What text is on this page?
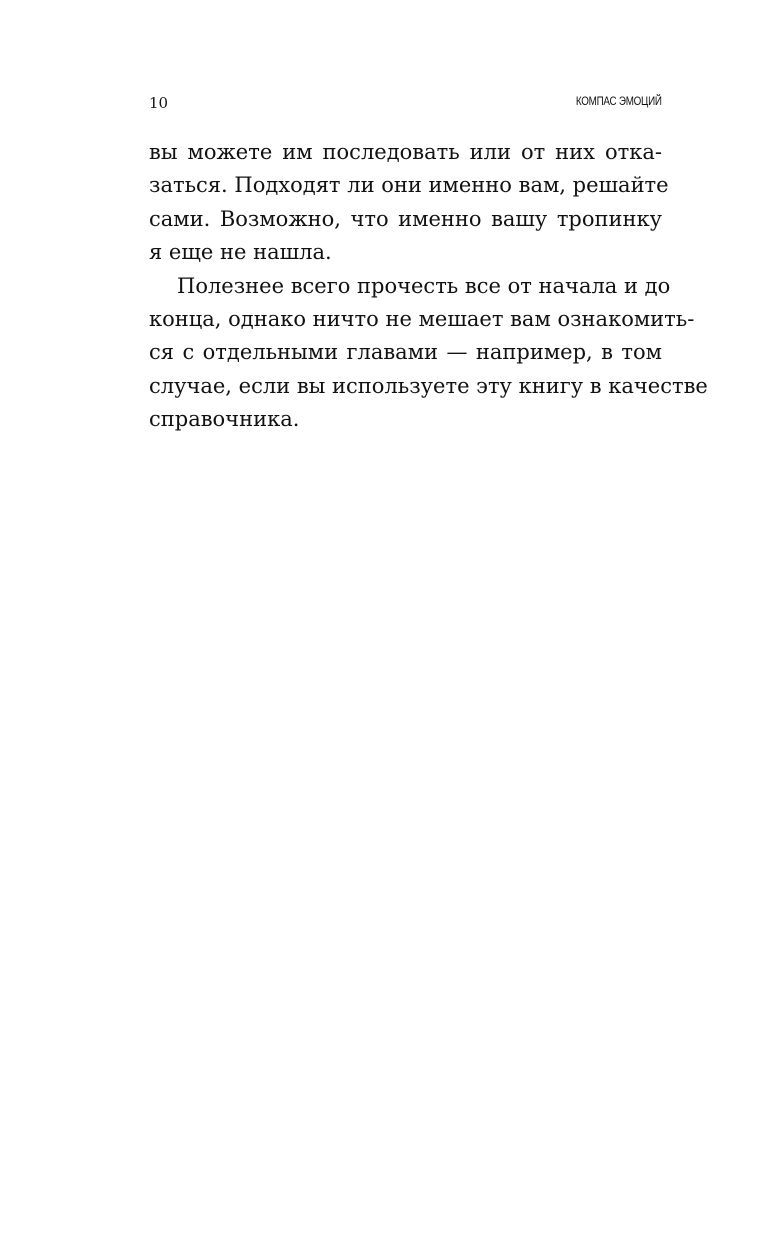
10	КОМПАС ЭМОЦИЙ
вы можете им последовать или от них отка-
заться. Подходят ли они именно вам, решайте
сами. Возможно, что именно вашу тропинку
я еще не нашла.
Полезнее всего прочесть все от начала и до
конца, однако ничто не мешает вам ознакомить-
ся с отдельными главами — например, в том
случае, если вы используете эту книгу в качестве
справочника.
